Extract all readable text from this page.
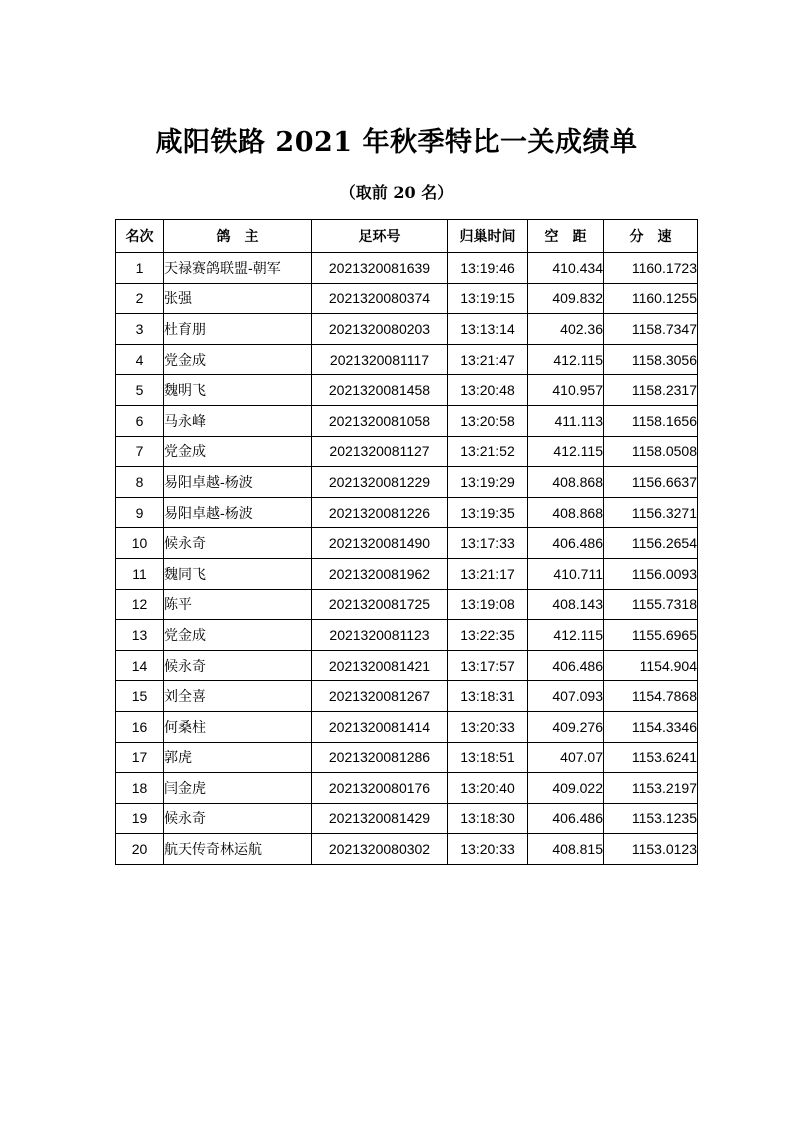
咸阳铁路 2021 年秋季特比一关成绩单
（取前 20 名）
名次	鸽　主	足环号	归巢时间	空　距	分　速
1	天禄赛鸽联盟-朝军	2021320081639	13:19:46	410.434	1160.1723
2	张强	2021320080374	13:19:15	409.832	1160.1255
3	杜育朋	2021320080203	13:13:14	402.36	1158.7347
4	党金成	2021320081117	13:21:47	412.115	1158.3056
5	魏明飞	2021320081458	13:20:48	410.957	1158.2317
6	马永峰	2021320081058	13:20:58	411.113	1158.1656
7	党金成	2021320081127	13:21:52	412.115	1158.0508
8	易阳卓越-杨波	2021320081229	13:19:29	408.868	1156.6637
9	易阳卓越-杨波	2021320081226	13:19:35	408.868	1156.3271
10	候永奇	2021320081490	13:17:33	406.486	1156.2654
11	魏同飞	2021320081962	13:21:17	410.711	1156.0093
12	陈平	2021320081725	13:19:08	408.143	1155.7318
13	党金成	2021320081123	13:22:35	412.115	1155.6965
14	候永奇	2021320081421	13:17:57	406.486	1154.904
15	刘全喜	2021320081267	13:18:31	407.093	1154.7868
16	何桑柱	2021320081414	13:20:33	409.276	1154.3346
17	郭虎	2021320081286	13:18:51	407.07	1153.6241
18	闫金虎	2021320080176	13:20:40	409.022	1153.2197
19	候永奇	2021320081429	13:18:30	406.486	1153.1235
20	航天传奇林运航	2021320080302	13:20:33	408.815	1153.0123
